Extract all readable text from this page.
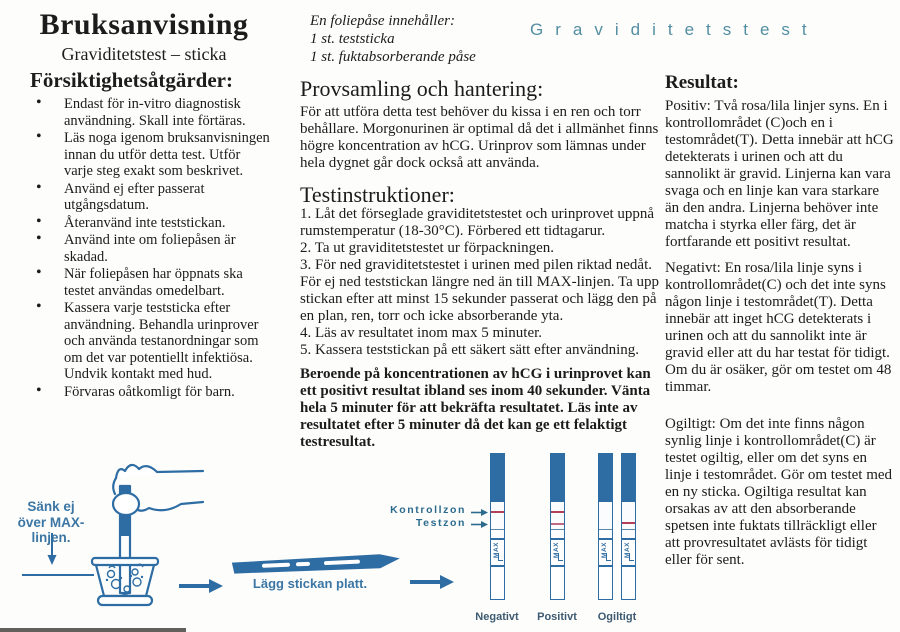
Bruksanvisning
Graviditetstest – sticka
Försiktighetsåtgärder:
• Endast för in-vitro diagnostisk användning. Skall inte förtäras.
• Läs noga igenom bruksanvisningen innan du utför detta test. Utför varje steg exakt som beskrivet.
• Använd ej efter passerat utgångsdatum.
• Återanvänd inte teststickan.
• Använd inte om foliepåsen är skadad.
• När foliepåsen har öppnats ska testet användas omedelbart.
• Kassera varje teststicka efter användning. Behandla urinprover och använda testanordningar som om det var potentiellt infektiösa. Undvik kontakt med hud.
• Förvaras oåtkomligt för barn.
En foliepåse innehåller:
1 st. teststicka
1 st. fuktabsorberande påse
Provsamling och hantering:
För att utföra detta test behöver du kissa i en ren och torr behållare. Morgonurinen är optimal då det i allmänhet finns högre koncentration av hCG. Urinprov som lämnas under hela dygnet går dock också att använda.
Testinstruktioner:

1. Låt det förseglade graviditetstestet och urinprovet uppnå rumstemperatur (18-30°C). Förbered ett tidtagarur.

2. Ta ut graviditetstestet ur förpackningen.

3. För ned graviditetstestet i urinen med pilen riktad nedåt. För ej ned teststickan längre ned än till MAX-linjen. Ta upp stickan efter att minst 15 sekunder passerat och lägg den på en plan, ren, torr och icke absorberande yta.

4. Läs av resultatet inom max 5 minuter.

5. Kassera teststickan på ett säkert sätt efter användning.

Beroende på koncentrationen av hCG i urinprovet kan ett positivt resultat ibland ses inom 40 sekunder. Vänta hela 5 minuter för att bekräfta resultatet. Läs inte av resultatet efter 5 minuter då det kan ge ett felaktigt testresultat.
Graviditetstest
Resultat:
Positiv: Två rosa/lila linjer syns. En i kontrollområdet (C)och en i testområdet(T). Detta innebär att hCG detekterats i urinen och att du sannolikt är gravid. Linjerna kan vara svaga och en linje kan vara starkare än den andra. Linjerna behöver inte matcha i styrka eller färg, det är fortfarande ett positivt resultat.
Negativt: En rosa/lila linje syns i kontrollområdet(C) och det inte syns någon linje i testområdet(T). Detta innebär att inget hCG detekterats i urinen och att du sannolikt inte är gravid eller att du har testat för tidigt. Om du är osäker, gör om testet om 48 timmar.
Ogiltigt: Om det inte finns någon synlig linje i kontrollområdet(C) är testet ogiltig, eller om det syns en linje i testområdet. Gör om testet med en ny sticka. Ogiltiga resultat kan orsakas av att den absorberande spetsen inte fuktats tillräckligt eller att provresultatet avlästs för tidigt eller för sent.
Sänk ej över MAX-linjen.
Lägg stickan platt.
Kontrollzon
Testzon
MAX	MAX	MAX MAX
Negativt	Positivt	Ogiltigt
